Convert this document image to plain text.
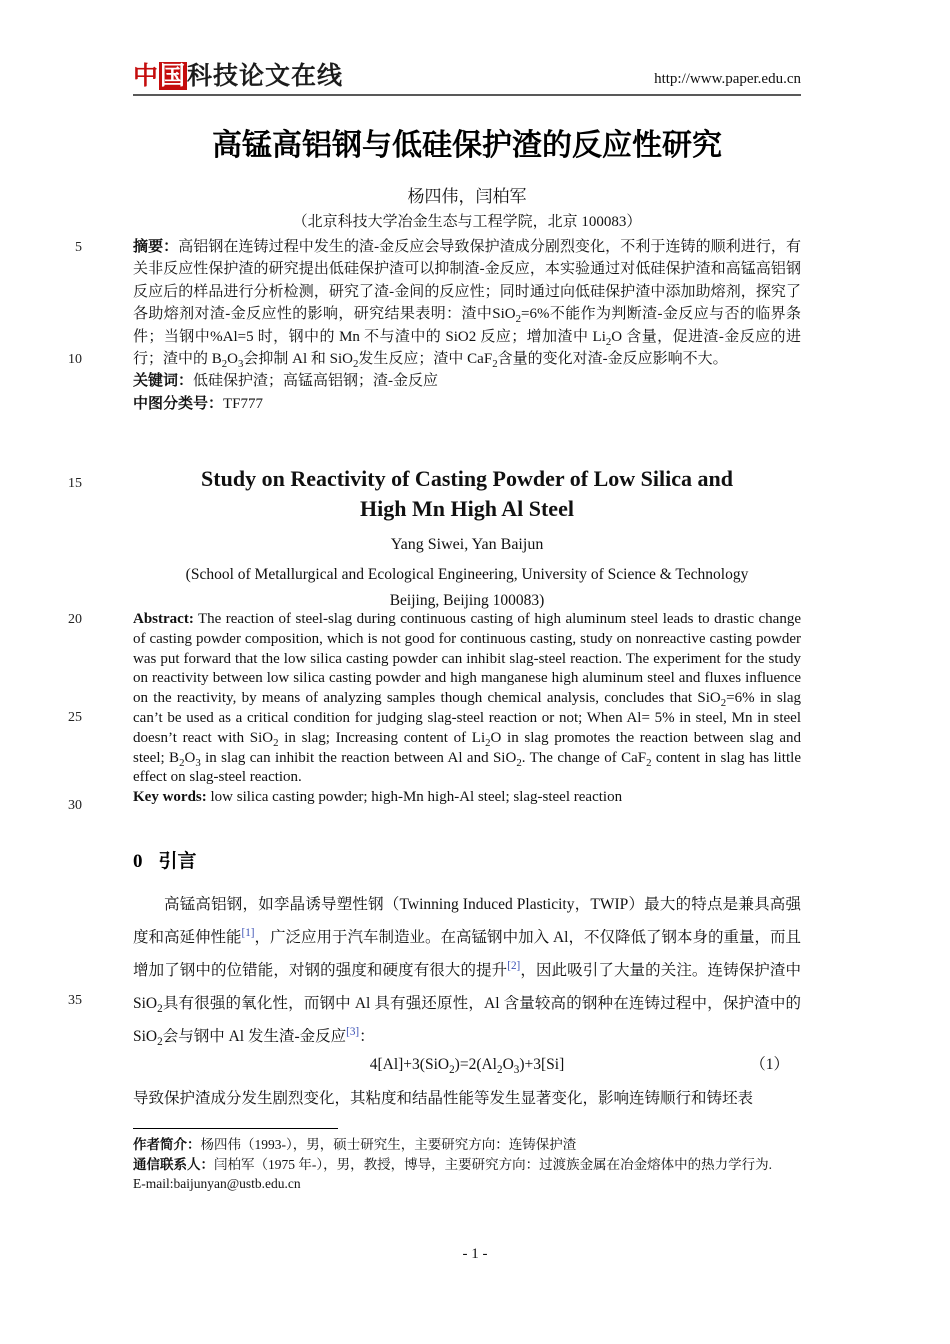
中国科技论文在线	http://www.paper.edu.cn
5
10
15
20
25
30
35
高锰高铝钢与低硅保护渣的反应性研究
杨四伟，闫柏军
（北京科技大学冶金生态与工程学院，北京 100083）

摘要：高铝钢在连铸过程中发生的渣-金反应会导致保护渣成分剧烈变化，不利于连铸的顺利进行，有关非反应性保护渣的研究提出低硅保护渣可以抑制渣-金反应，本实验通过对低硅保护渣和高锰高铝钢反应后的样品进行分析检测，研究了渣-金间的反应性；同时通过向低硅保护渣中添加助熔剂，探究了各助熔剂对渣-金反应性的影响，研究结果表明：渣中SiO$_2$=6%不能作为判断渣-金反应与否的临界条件；当钢中%Al=5 时，钢中的 Mn 不与渣中的 SiO2 反应；增加渣中 $Li_2O$ 含量，促进渣-金反应的进行；渣中的 $B_2O_3$会抑制 Al 和 SiO$_2$发生反应；渣中 CaF$_2$含量的变化对渣-金反应影响不大。

关键词：低硅保护渣；高锰高铝钢；渣-金反应

中图分类号：TF777

Study on Reactivity of Casting Powder of Low Silica and
High Mn High Al Steel
Yang Siwei, Yan Baijun
(School of Metallurgical and Ecological Engineering, University of Science & Technology
Beijing, Beijing 100083)

Abstract: The reaction of steel-slag during continuous casting of high aluminum steel leads to drastic change of casting powder composition, which is not good for continuous casting, study on nonreactive casting powder was put forward that the low silica casting powder can inhibit slag-steel reaction. The experiment for the study on reactivity between low silica casting powder and high manganese high aluminum steel and fluxes influence on the reactivity, by means of analyzing samples though chemical analysis, concludes that SiO$_2$=6% in slag can’t be used as a critical condition for judging slag-steel reaction or not; When Al= 5% in steel, Mn in steel doesn’t react with SiO$_2$ in slag; Increasing content of $Li_2O$ in slag promotes the reaction between slag and steel; $B_2O_3$ in slag can inhibit the reaction between Al and SiO$_2$. The change of CaF$_2$ content in slag has little effect on slag-steel reaction.

Key words: low silica casting powder; high-Mn high-Al steel; slag-steel reaction

0 引言

高锰高铝钢，如孪晶诱导塑性钢（Twinning Induced Plasticity，TWIP）最大的特点是兼具高强度和高延伸性能[1]，广泛应用于汽车制造业。在高锰钢中加入 Al，不仅降低了钢本身的重量，而且增加了钢中的位错能，对钢的强度和硬度有很大的提升[2]，因此吸引了大量的关注。连铸保护渣中 SiO$_2$具有很强的氧化性，而钢中 Al 具有强还原性，Al 含量较高的钢种在连铸过程中，保护渣中的 SiO$_2$会与钢中 Al 发生渣-金反应[3]：

$4[Al]+3(SiO_2)=2(Al_2O_3)+3[Si]$	（1）

导致保护渣成分发生剧烈变化，其粘度和结晶性能等发生显著变化，影响连铸顺行和铸坯表

作者简介：杨四伟（1993-），男，硕士研究生，主要研究方向：连铸保护渣
通信联系人：闫柏军（1975 年-），男，教授，博导，主要研究方向：过渡族金属在冶金熔体中的热力学行为.
E-mail:baijunyan@ustb.edu.cn
- 1 -
